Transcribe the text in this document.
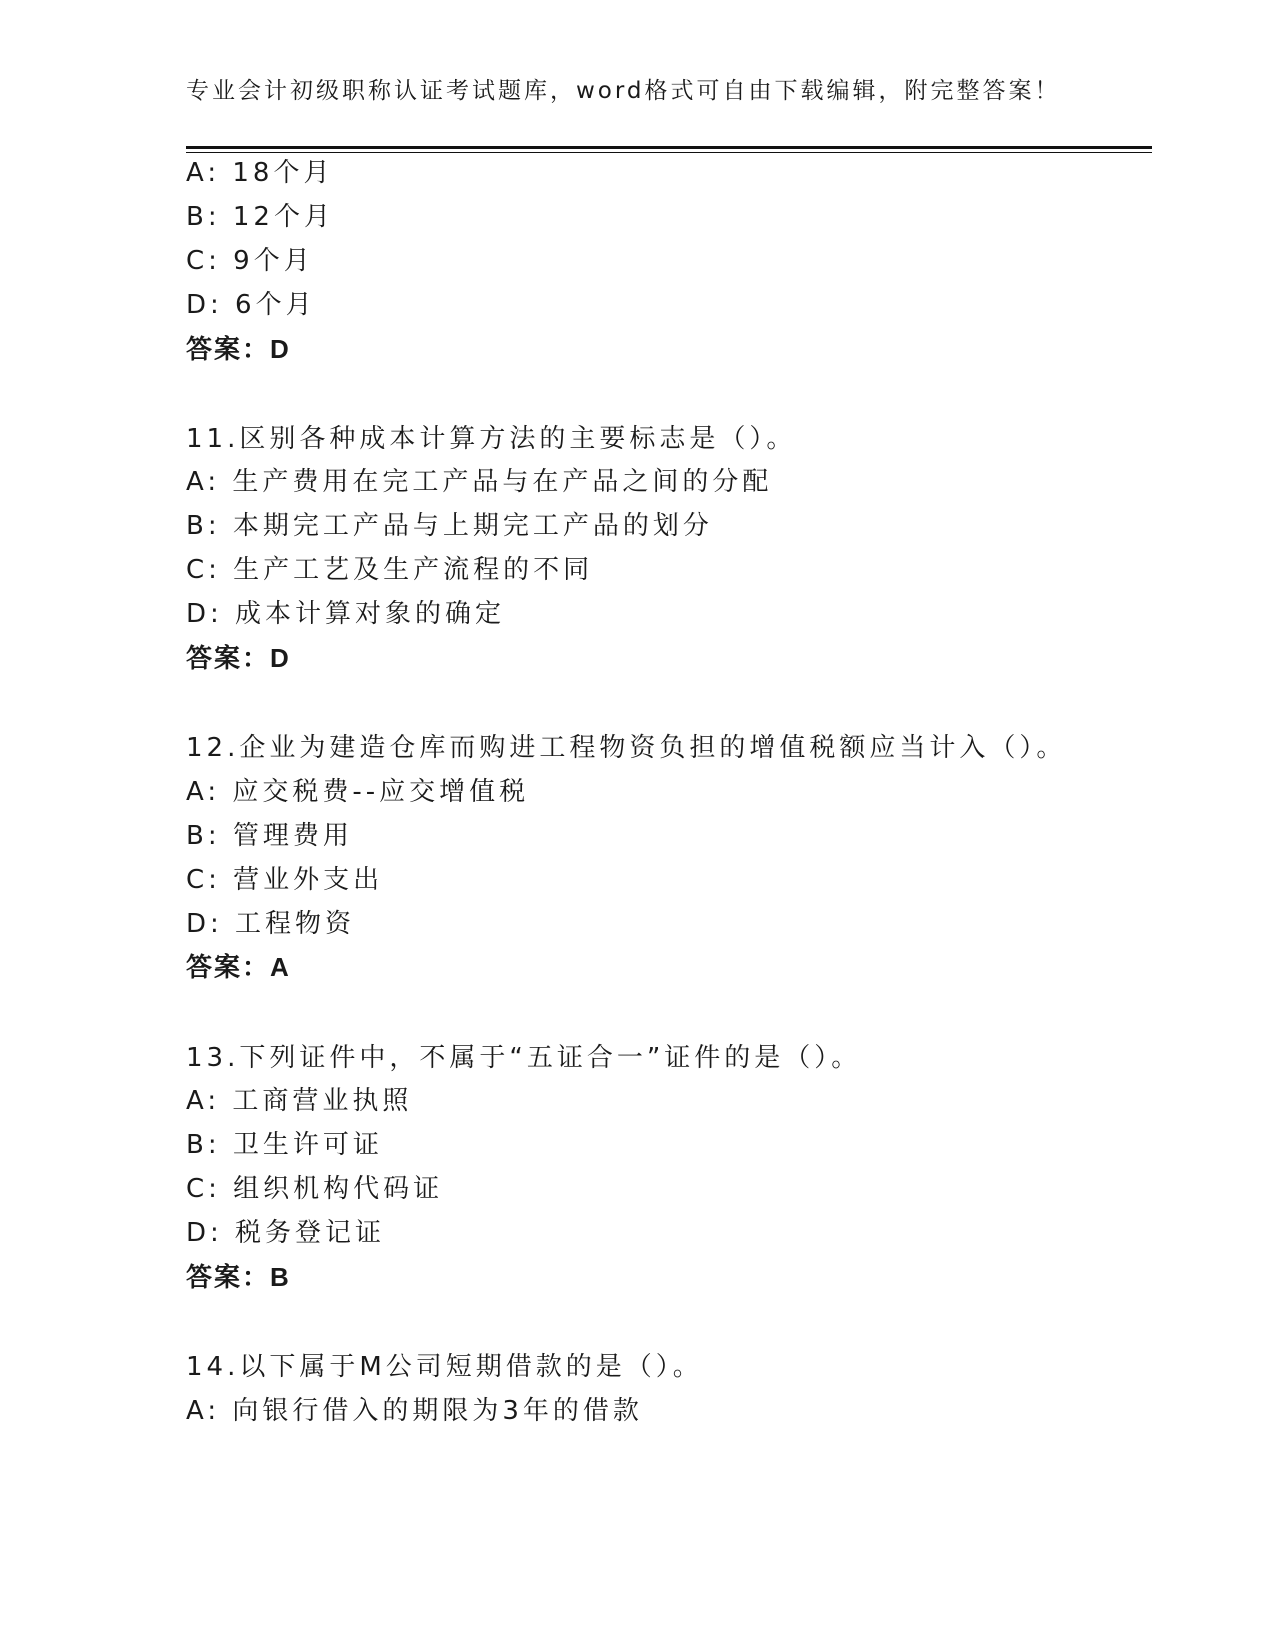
专业会计初级职称认证考试题库，word格式可自由下载编辑，附完整答案！
A: 18个月
B: 12个月
C: 9个月
D: 6个月
答案：D
11.区别各种成本计算方法的主要标志是（）。
A: 生产费用在完工产品与在产品之间的分配
B: 本期完工产品与上期完工产品的划分
C: 生产工艺及生产流程的不同
D: 成本计算对象的确定
答案：D
12.企业为建造仓库而购进工程物资负担的增值税额应当计入（）。
A: 应交税费--应交增值税
B: 管理费用
C: 营业外支出
D: 工程物资
答案：A
13.下列证件中，不属于“五证合一”证件的是（）。
A: 工商营业执照
B: 卫生许可证
C: 组织机构代码证
D: 税务登记证
答案：B
14.以下属于M公司短期借款的是（）。
A: 向银行借入的期限为3年的借款
